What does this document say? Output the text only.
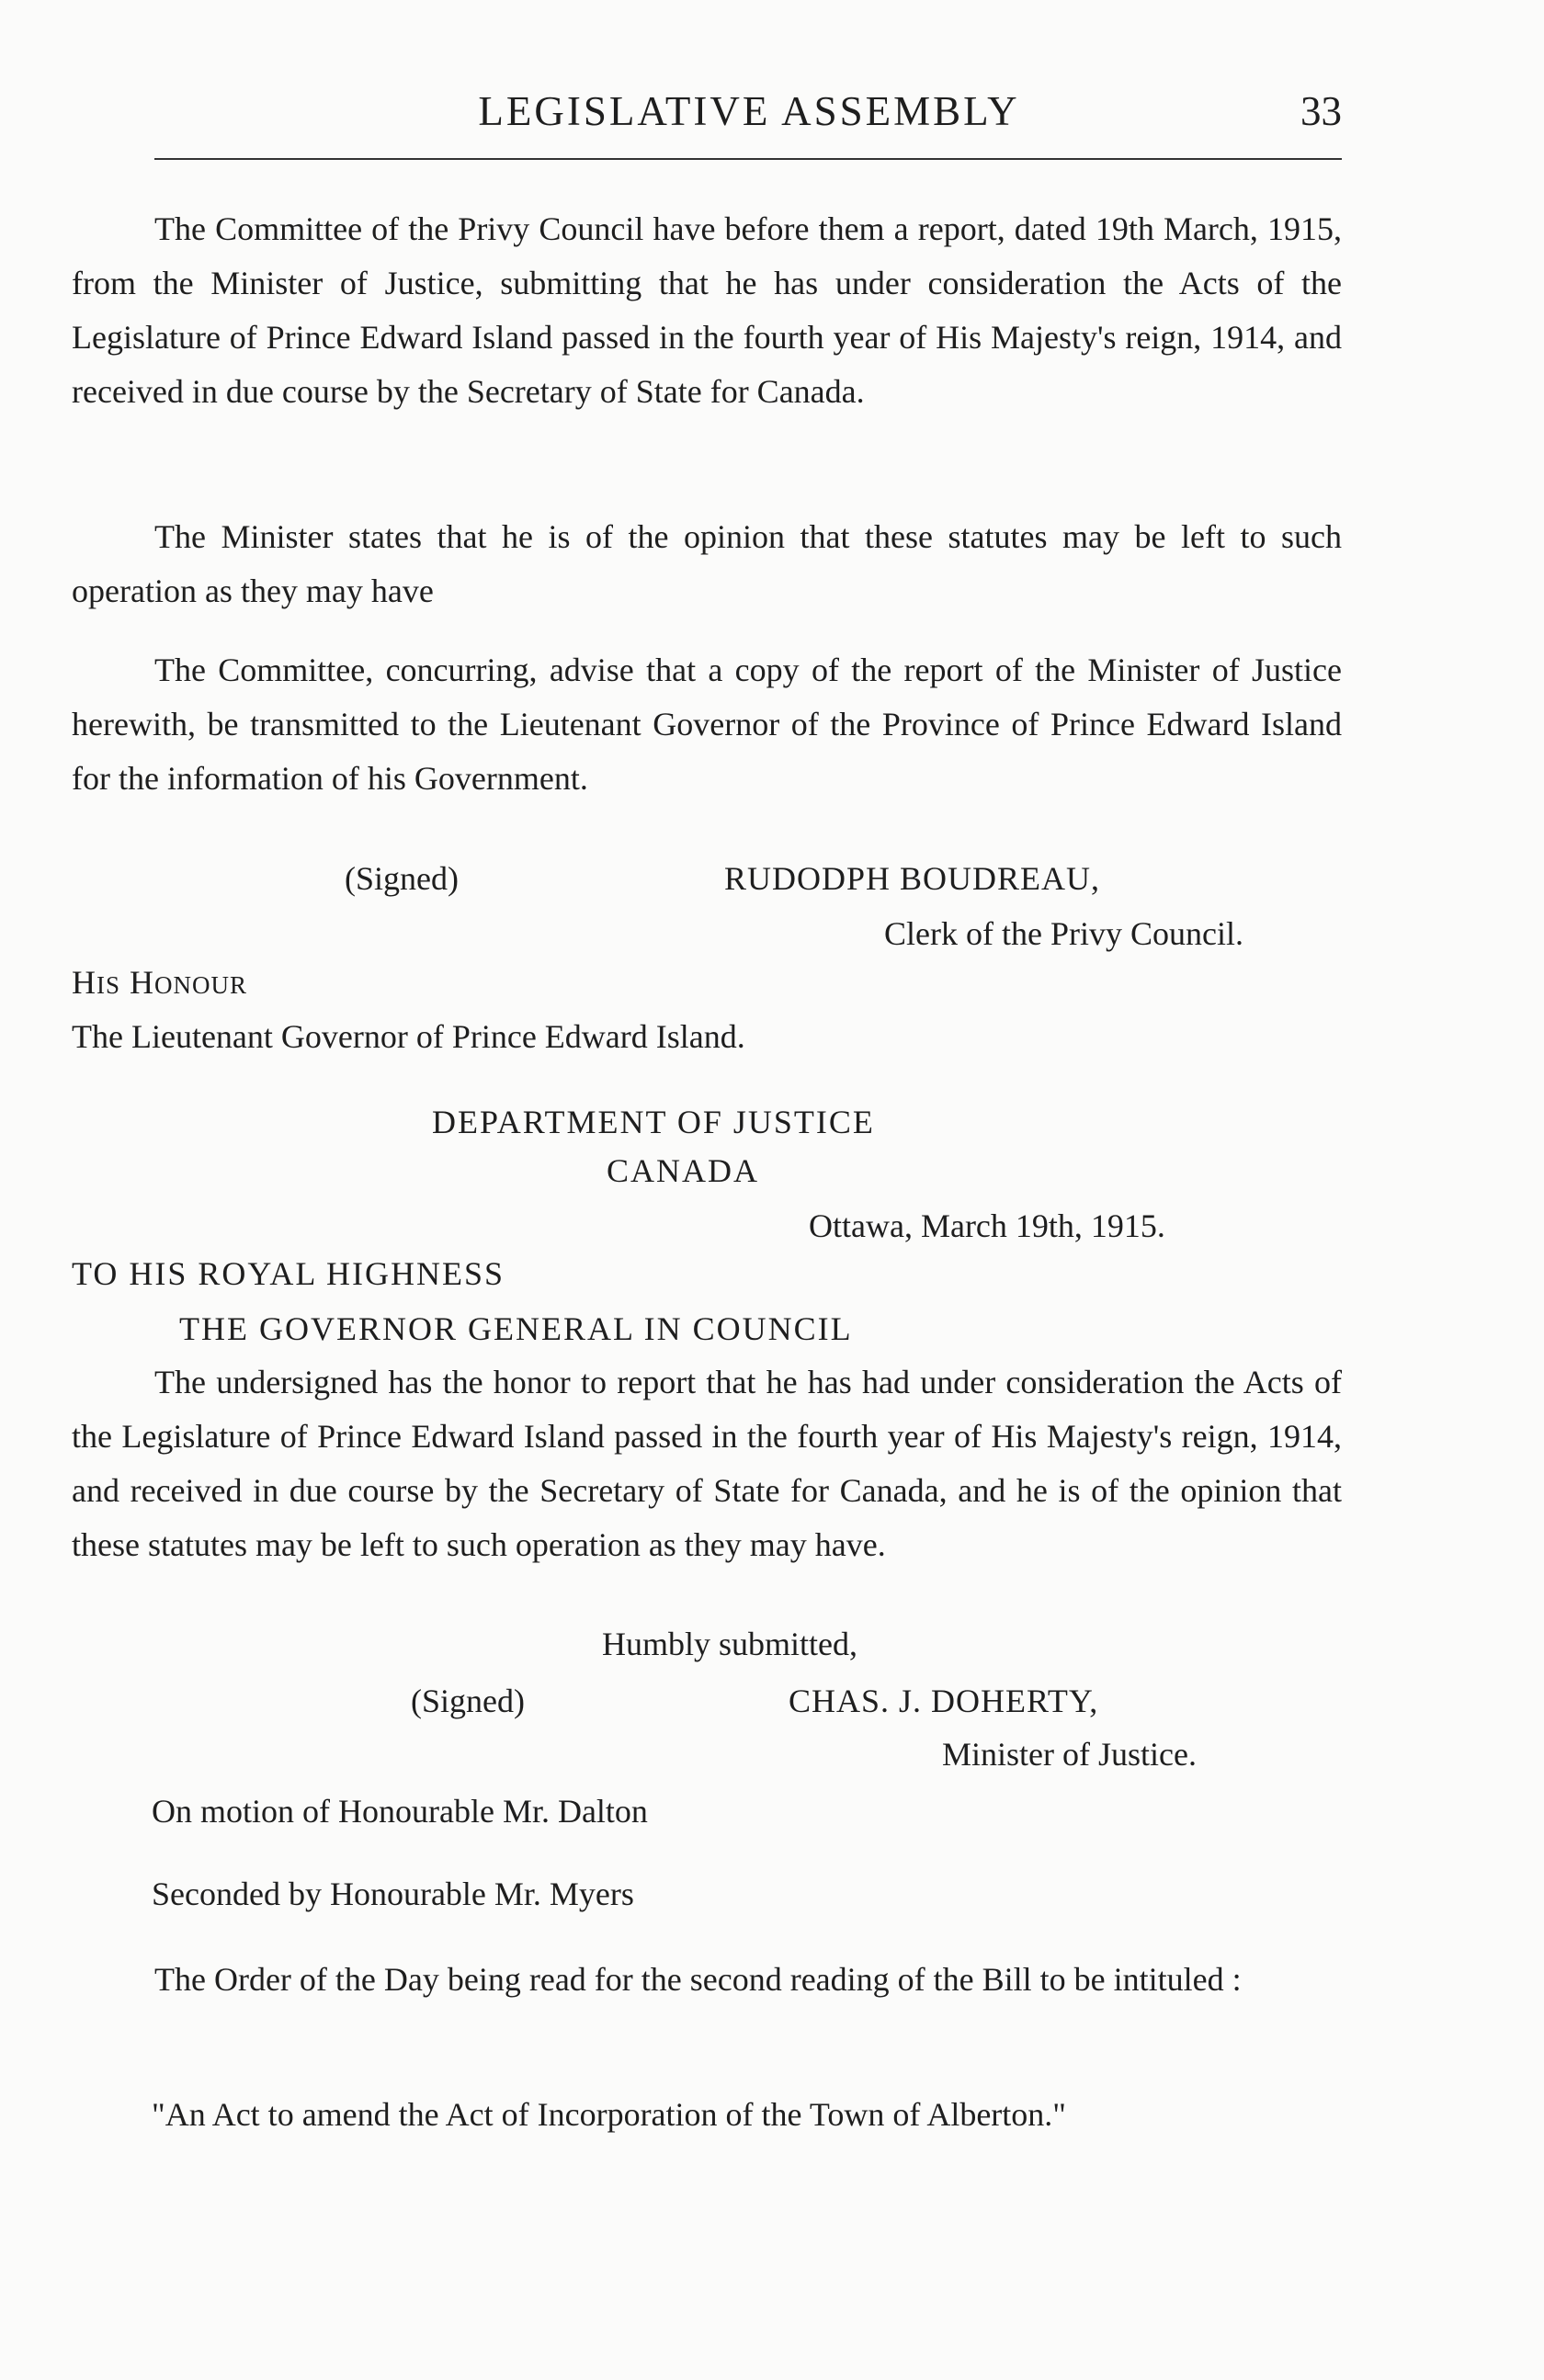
LEGISLATIVE ASSEMBLY	33

The Committee of the Privy Council have before them a report, dated 19th March, 1915, from the Minister of Justice, submitting that he has under consideration the Acts of the Legislature of Prince Edward Island passed in the fourth year of His Majesty's reign, 1914, and received in due course by the Secretary of State for Canada.

The Minister states that he is of the opinion that these statutes may be left to such operation as they may have

The Committee, concurring, advise that a copy of the report of the Minister of Justice herewith, be transmitted to the Lieutenant Governor of the Province of Prince Edward Island for the information of his Government.

(Signed)	RUDODPH BOUDREAU,
Clerk of the Privy Council.
HIS HONOUR
The Lieutenant Governor of Prince Edward Island.
DEPARTMENT OF JUSTICE
CANADA
Ottawa, March 19th, 1915.
TO HIS ROYAL HIGHNESS
THE GOVERNOR GENERAL IN COUNCIL

The undersigned has the honor to report that he has had under consideration the Acts of the Legislature of Prince Edward Island passed in the fourth year of His Majesty's reign, 1914, and received in due course by the Secretary of State for Canada, and he is of the opinion that these statutes may be left to such operation as they may have.

Humbly submitted,
(Signed)	CHAS. J. DOHERTY,
Minister of Justice.
On motion of Honourable Mr. Dalton
Seconded by Honourable Mr. Myers

The Order of the Day being read for the second reading of the Bill to be intituled :

"An Act to amend the Act of Incorporation of the Town of Alberton."
